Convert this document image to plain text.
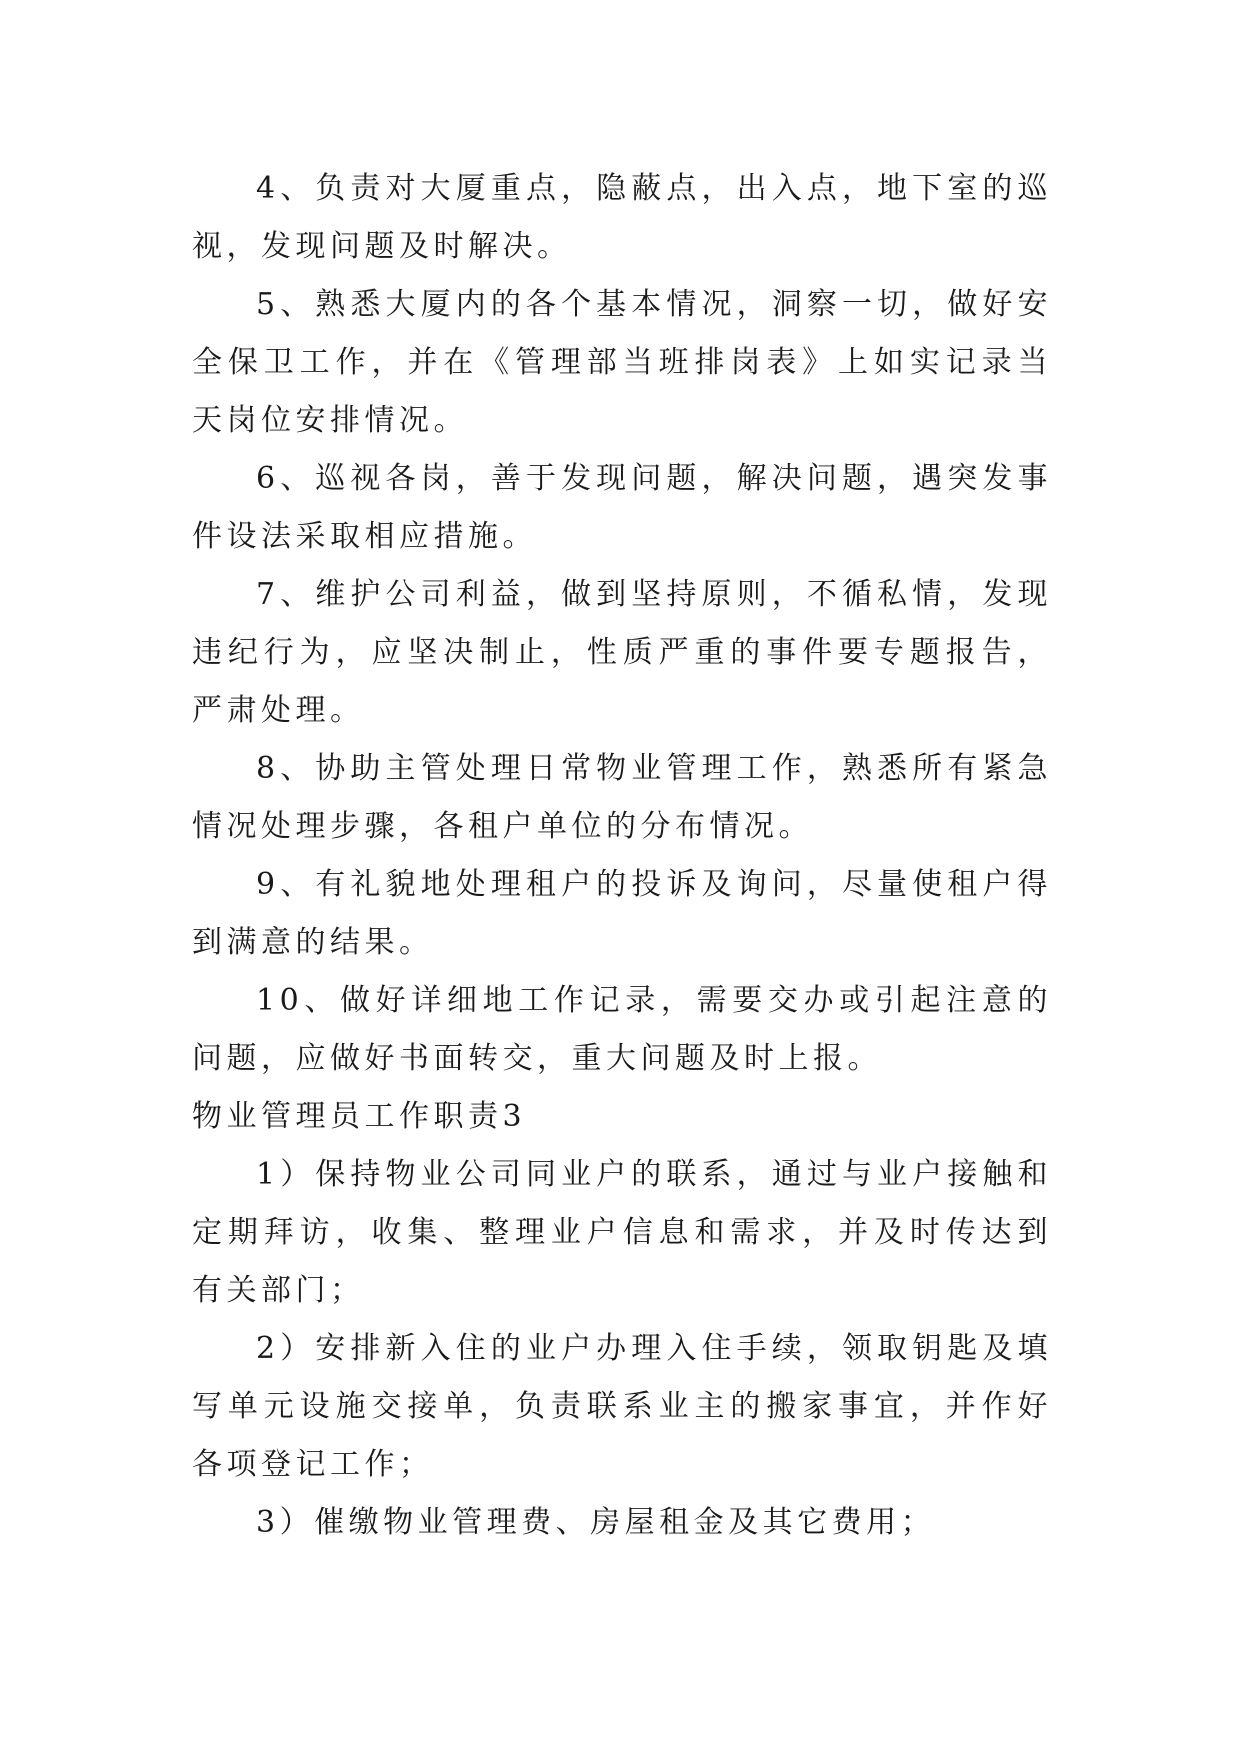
4、负责对大厦重点，隐蔽点，出入点，地下室的巡视，发现问题及时解决。

5、熟悉大厦内的各个基本情况，洞察一切，做好安全保卫工作，并在《管理部当班排岗表》上如实记录当天岗位安排情况。

6、巡视各岗，善于发现问题，解决问题，遇突发事件设法采取相应措施。

7、维护公司利益，做到坚持原则，不循私情，发现违纪行为，应坚决制止，性质严重的事件要专题报告，严肃处理。

8、协助主管处理日常物业管理工作，熟悉所有紧急情况处理步骤，各租户单位的分布情况。

9、有礼貌地处理租户的投诉及询问，尽量使租户得到满意的结果。

10、做好详细地工作记录，需要交办或引起注意的问题，应做好书面转交，重大问题及时上报。

物业管理员工作职责3

1）保持物业公司同业户的联系，通过与业户接触和定期拜访，收集、整理业户信息和需求，并及时传达到有关部门；

2）安排新入住的业户办理入住手续，领取钥匙及填写单元设施交接单，负责联系业主的搬家事宜，并作好各项登记工作；

3）催缴物业管理费、房屋租金及其它费用；
